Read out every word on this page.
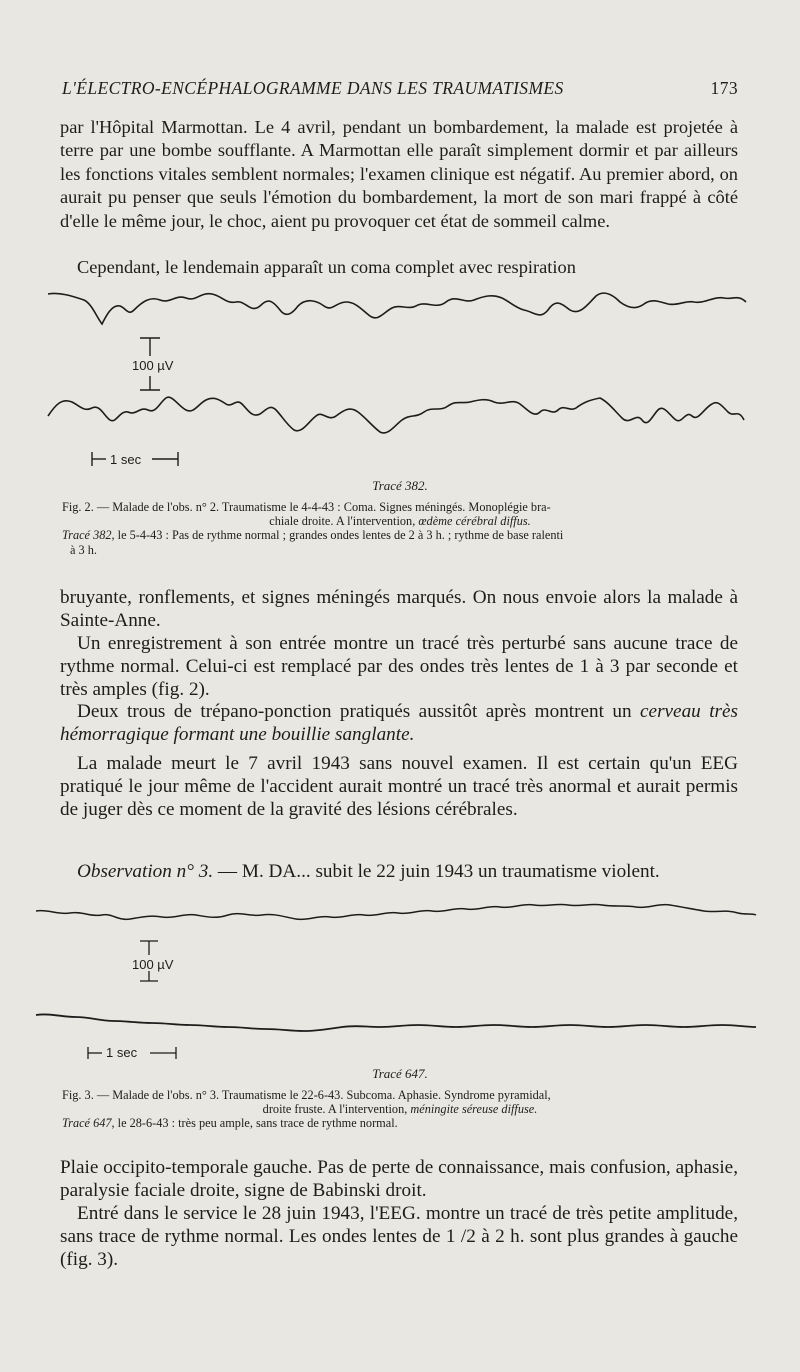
L'ÉLECTRO-ENCÉPHALOGRAMME DANS LES TRAUMATISMES	173

par l'Hôpital Marmottan. Le 4 avril, pendant un bombardement, la malade est projetée à terre par une bombe soufflante. A Marmottan elle paraît simplement dormir et par ailleurs les fonctions vitales semblent normales; l'examen clinique est négatif. Au premier abord, on aurait pu penser que seuls l'émotion du bombardement, la mort de son mari frappé à côté d'elle le même jour, le choc, aient pu provoquer cet état de sommeil calme.

Cependant, le lendemain apparaît un coma complet avec respiration

100 µV
1 sec
Tracé 382.

Fig. 2. — Malade de l'obs. n° 2. Traumatisme le 4-4-43 : Coma. Signes méningés. Monoplégie bra-
chiale droite. A l'intervention, œdème cérébral diffus.
Tracé 382, le 5-4-43 : Pas de rythme normal ; grandes ondes lentes de 2 à 3 h. ; rythme de base ralenti
à 3 h.

bruyante, ronflements, et signes méningés marqués. On nous envoie alors la malade à Sainte-Anne.

Un enregistrement à son entrée montre un tracé très perturbé sans aucune trace de rythme normal. Celui-ci est remplacé par des ondes très lentes de 1 à 3 par seconde et très amples (fig. 2).

Deux trous de trépano-ponction pratiqués aussitôt après montrent un cerveau très hémorragique formant une bouillie sanglante.

La malade meurt le 7 avril 1943 sans nouvel examen. Il est certain qu'un EEG pratiqué le jour même de l'accident aurait montré un tracé très anormal et aurait permis de juger dès ce moment de la gravité des lésions cérébrales.

Observation n° 3. — M. DA... subit le 22 juin 1943 un traumatisme violent.

100 µV
1 sec
Tracé 647.

Fig. 3. — Malade de l'obs. n° 3. Traumatisme le 22-6-43. Subcoma. Aphasie. Syndrome pyramidal,
droite fruste. A l'intervention, méningite séreuse diffuse.
Tracé 647, le 28-6-43 : très peu ample, sans trace de rythme normal.

Plaie occipito-temporale gauche. Pas de perte de connaissance, mais confusion, aphasie, paralysie faciale droite, signe de Babinski droit.

Entré dans le service le 28 juin 1943, l'EEG. montre un tracé de très petite amplitude, sans trace de rythme normal. Les ondes lentes de 1 /2 à 2 h. sont plus grandes à gauche (fig. 3).
